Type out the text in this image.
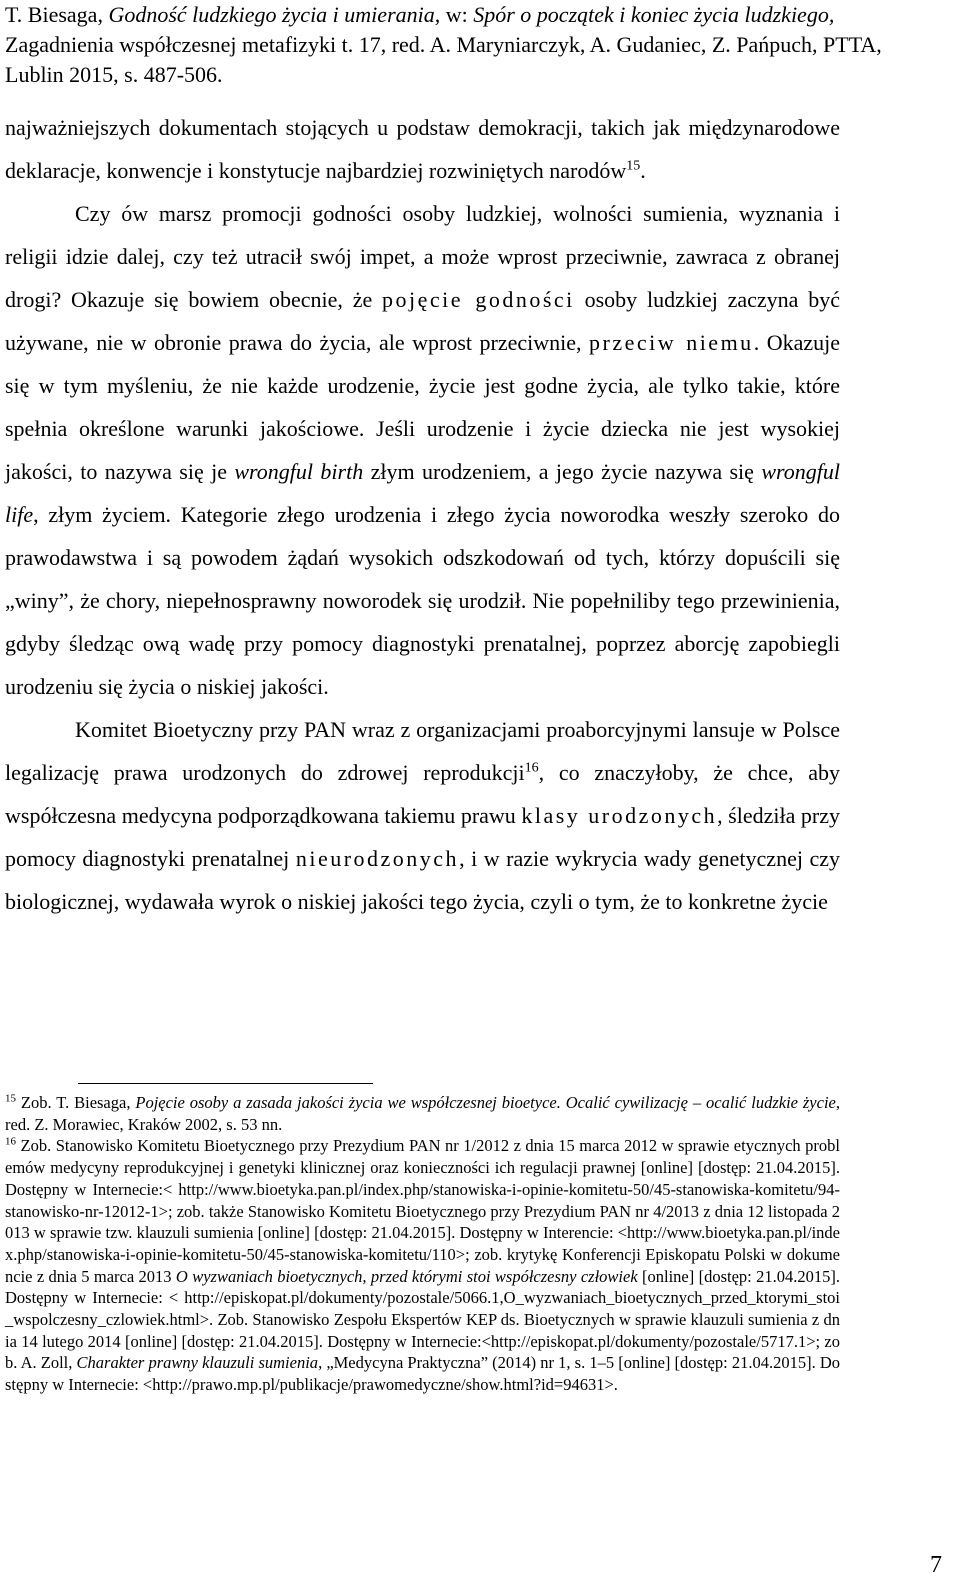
T. Biesaga, Godność ludzkiego życia i umierania, w: Spór o początek i koniec życia ludzkiego, Zagadnienia współczesnej metafizyki t. 17, red. A. Maryniarczyk, A. Gudaniec, Z. Pańpuch, PTTA, Lublin 2015, s. 487-506.

najważniejszych dokumentach stojących u podstaw demokracji, takich jak międzynarodowe deklaracje, konwencje i konstytucje najbardziej rozwiniętych narodów$^{15}$.

Czy ów marsz promocji godności osoby ludzkiej, wolności sumienia, wyznania i religii idzie dalej, czy też utracił swój impet, a może wprost przeciwnie, zawraca z obranej drogi? Okazuje się bowiem obecnie, że pojęcie godności osoby ludzkiej zaczyna być używane, nie w obronie prawa do życia, ale wprost przeciwnie, przeciw niemu. Okazuje się w tym myśleniu, że nie każde urodzenie, życie jest godne życia, ale tylko takie, które spełnia określone warunki jakościowe. Jeśli urodzenie i życie dziecka nie jest wysokiej jakości, to nazywa się je wrongful birth złym urodzeniem, a jego życie nazywa się wrongful life, złym życiem. Kategorie złego urodzenia i złego życia noworodka weszły szeroko do prawodawstwa i są powodem żądań wysokich odszkodowań od tych, którzy dopuścili się „winy”, że chory, niepełnosprawny noworodek się urodził. Nie popełniliby tego przewinienia, gdyby śledząc ową wadę przy pomocy diagnostyki prenatalnej, poprzez aborcję zapobiegli urodzeniu się życia o niskiej jakości.

Komitet Bioetyczny przy PAN wraz z organizacjami proaborcyjnymi lansuje w Polsce legalizację prawa urodzonych do zdrowej reprodukcji$^{16}$, co znaczyłoby, że chce, aby współczesna medycyna podporządkowana takiemu prawu klasy urodzonych, śledziła przy pomocy diagnostyki prenatalnej nieurodzonych, i w razie wykrycia wady genetycznej czy biologicznej, wydawała wyrok o niskiej jakości tego życia, czyli o tym, że to konkretne życie

$^{15}$ Zob. T. Biesaga, Pojęcie osoby a zasada jakości życia we współczesnej bioetyce. Ocalić cywilizację – ocalić ludzkie życie, red. Z. Morawiec, Kraków 2002, s. 53 nn.

$^{16}$ Zob. Stanowisko Komitetu Bioetycznego przy Prezydium PAN nr 1/2012 z dnia 15 marca 2012 w sprawie etycznych problemów medycyny reprodukcyjnej i genetyki klinicznej oraz konieczności ich regulacji prawnej [online] [dostęp: 21.04.2015]. Dostępny w Internecie:< http://www.bioetyka.pan.pl/index.php/stanowiska-i-opinie-komitetu-50/45-stanowiska-komitetu/94-stanowisko-nr-12012-1>; zob. także Stanowisko Komitetu Bioetycznego przy Prezydium PAN nr 4/2013 z dnia 12 listopada 2013 w sprawie tzw. klauzuli sumienia [online] [dostęp: 21.04.2015]. Dostępny w Interencie: <http://www.bioetyka.pan.pl/index.php/stanowiska-i-opinie-komitetu-50/45-stanowiska-komitetu/110>; zob. krytykę Konferencji Episkopatu Polski w dokumencie z dnia 5 marca 2013 O wyzwaniach bioetycznych, przed którymi stoi współczesny człowiek [online] [dostęp: 21.04.2015]. Dostępny w Internecie: < http://episkopat.pl/dokumenty/pozostale/5066.1,O_wyzwaniach_bioetycznych_przed_ktorymi_stoi_wspolczesny_czlowiek.html>. Zob. Stanowisko Zespołu Ekspertów KEP ds. Bioetycznych w sprawie klauzuli sumienia z dnia 14 lutego 2014 [online] [dostęp: 21.04.2015]. Dostępny w Internecie:<http://episkopat.pl/dokumenty/pozostale/5717.1>; zob. A. Zoll, Charakter prawny klauzuli sumienia, „Medycyna Praktyczna” (2014) nr 1, s. 1–5 [online] [dostęp: 21.04.2015]. Dostępny w Internecie: <http://prawo.mp.pl/publikacje/prawomedyczne/show.html?id=94631>.

7
